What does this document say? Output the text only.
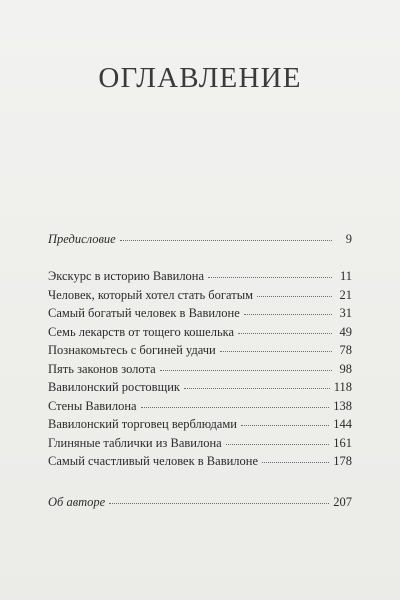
ОГЛАВЛЕНИЕ
Предисловие	9
Экскурс в историю Вавилона	11
Человек, который хотел стать богатым	21
Самый богатый человек в Вавилоне	31
Семь лекарств от тощего кошелька	49
Познакомьтесь с богиней удачи	78
Пять законов золота	98
Вавилонский ростовщик	118
Стены Вавилона	138
Вавилонский торговец верблюдами	144
Глиняные таблички из Вавилона	161
Самый счастливый человек в Вавилоне	178
Об авторе	207
